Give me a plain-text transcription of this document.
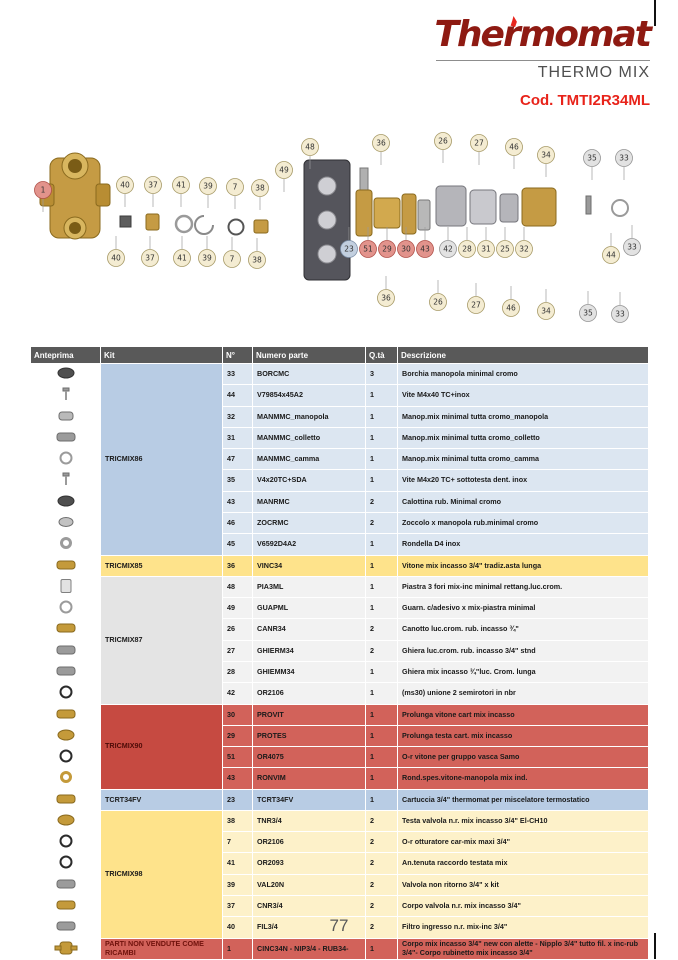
Thermomat
THERMO MIX
Cod. TMTI2R34ML
48	36	26	27	46
34	35	33
49
1
40 37 41 39	7 38
23 51 29 30 43 42 28 31 25 32
44
33
40	37	41 39 7 38
36	26	27	46	34	35	33
Anteprima	Kit	N°	Numero parte	Q.tà	Descrizione
	TRICMIX86	33	BORCMC	3	Borchia manopola minimal cromo
	44	V79854x45A2	1	Vite M4x40 TC+inox
	32	MANMMC_manopola	1	Manop.mix minimal tutta cromo_manopola
	31	MANMMC_colletto	1	Manop.mix minimal tutta cromo_colletto
	47	MANMMC_camma	1	Manop.mix minimal tutta cromo_camma
	35	V4x20TC+SDA	1	Vite M4x20 TC+ sottotesta dent. inox
	43	MANRMC	2	Calottina rub. Minimal cromo
	46	ZOCRMC	2	Zoccolo x manopola rub.minimal cromo
	45	V6592D4A2	1	Rondella D4 inox
	TRICMIX85	36	VINC34	1	Vitone mix incasso 3/4" tradiz.asta lunga
	TRICMIX87	48	PIA3ML	1	Piastra 3 fori mix-inc minimal rettang.luc.crom.
	49	GUAPML	1	Guarn. c/adesivo x mix-piastra minimal
	26	CANR34	2	Canotto luc.crom. rub. incasso ¾"
	27	GHIERM34	2	Ghiera luc.crom. rub. incasso 3/4" stnd
	28	GHIEMM34	1	Ghiera mix incasso ¾"luc. Crom. lunga
	42	OR2106	1	(ms30) unione 2 semirotori in nbr
	TRICMIX90	30	PROVIT	1	Prolunga vitone cart mix incasso
	29	PROTES	1	Prolunga testa cart. mix incasso
	51	OR4075	1	O-r vitone per gruppo vasca Samo
	43	RONVIM	1	Rond.spes.vitone-manopola mix ind.
	TCRT34FV	23	TCRT34FV	1	Cartuccia 3/4" thermomat per miscelatore termostatico
	TRICMIX98	38	TNR3/4	2	Testa valvola n.r. mix incasso 3/4" El-CH10
	7	OR2106	2	O-r otturatore car-mix maxi 3/4"
	41	OR2093	2	An.tenuta raccordo testata mix
	39	VAL20N	2	Valvola non ritorno 3/4" x kit
	37	CNR3/4	2	Corpo valvola n.r. mix incasso 3/4"
	40	FIL3/4	2	Filtro ingresso n.r. mix-inc 3/4"
	PARTI NON VENDUTE COME RICAMBI	1	CINC34N - NIP3/4 - RUB34-	1	Corpo mix incasso 3/4" new con alette - Nipplo 3/4" tutto fil. x inc-rub 3/4"- Corpo rubinetto mix incasso 3/4"
77
